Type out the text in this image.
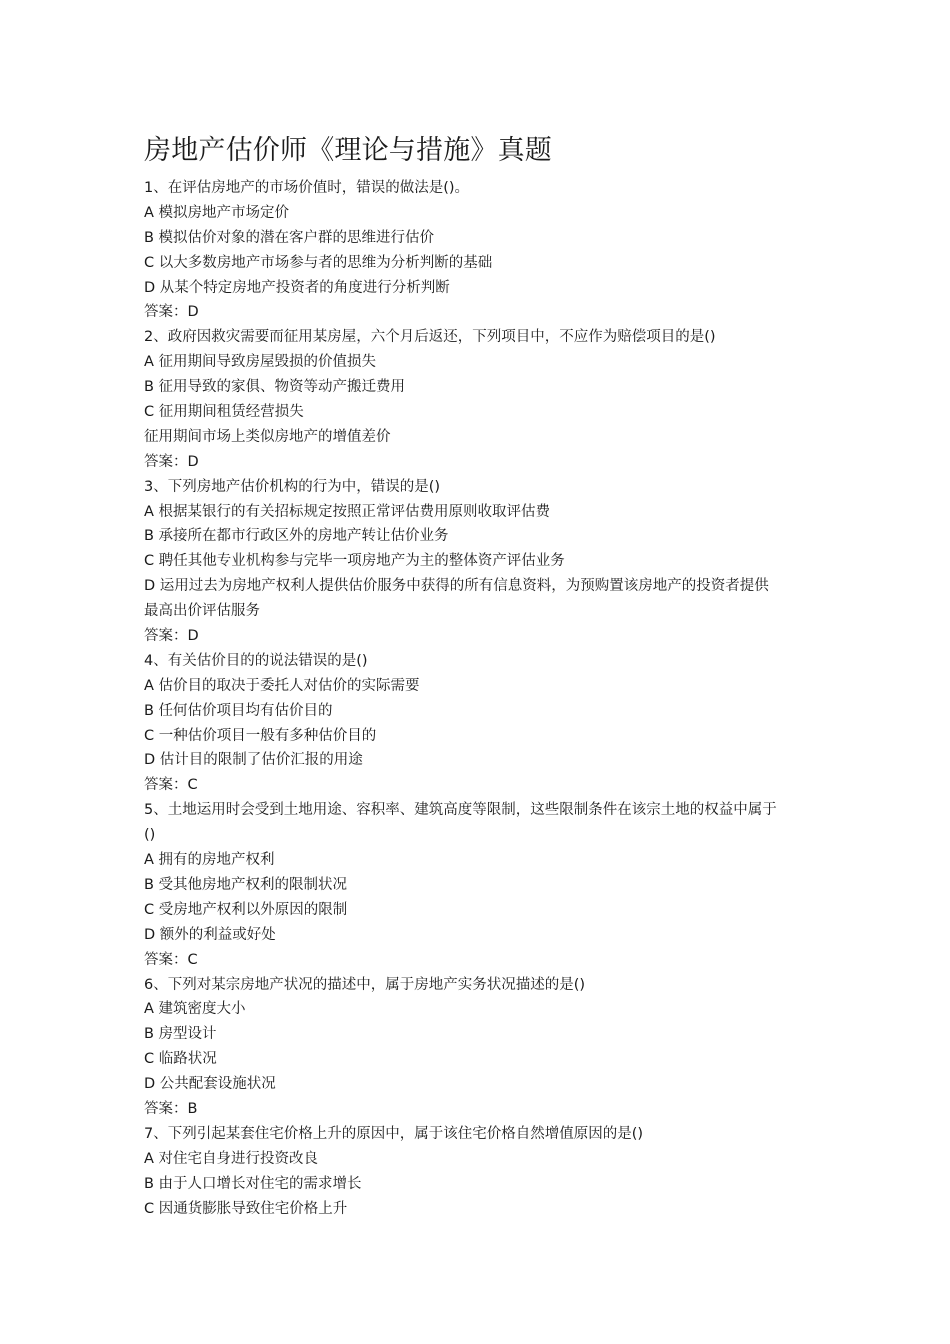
房地产估价师《理论与措施》真题
1、在评估房地产的市场价值时，错误的做法是()。
A 模拟房地产市场定价
B 模拟估价对象的潜在客户群的思维进行估价
C 以大多数房地产市场参与者的思维为分析判断的基础
D 从某个特定房地产投资者的角度进行分析判断
答案：D
2、政府因救灾需要而征用某房屋，六个月后返还，下列项目中，不应作为赔偿项目的是()
A 征用期间导致房屋毁损的价值损失
B 征用导致的家俱、物资等动产搬迁费用
C 征用期间租赁经营损失
征用期间市场上类似房地产的增值差价
答案：D
3、下列房地产估价机构的行为中，错误的是()
A 根据某银行的有关招标规定按照正常评估费用原则收取评估费
B 承接所在都市行政区外的房地产转让估价业务
C 聘任其他专业机构参与完毕一项房地产为主的整体资产评估业务
D 运用过去为房地产权利人提供估价服务中获得的所有信息资料，为预购置该房地产的投资者提供
最高出价评估服务
答案：D
4、有关估价目的的说法错误的是()
A 估价目的取决于委托人对估价的实际需要
B 任何估价项目均有估价目的
C 一种估价项目一般有多种估价目的
D 估计目的限制了估价汇报的用途
答案：C
5、土地运用时会受到土地用途、容积率、建筑高度等限制，这些限制条件在该宗土地的权益中属于
()
A 拥有的房地产权利
B 受其他房地产权利的限制状况
C 受房地产权利以外原因的限制
D 额外的利益或好处
答案：C
6、下列对某宗房地产状况的描述中，属于房地产实务状况描述的是()
A 建筑密度大小
B 房型设计
C 临路状况
D 公共配套设施状况
答案：B
7、下列引起某套住宅价格上升的原因中，属于该住宅价格自然增值原因的是()
A 对住宅自身进行投资改良
B 由于人口增长对住宅的需求增长
C 因通货膨胀导致住宅价格上升
